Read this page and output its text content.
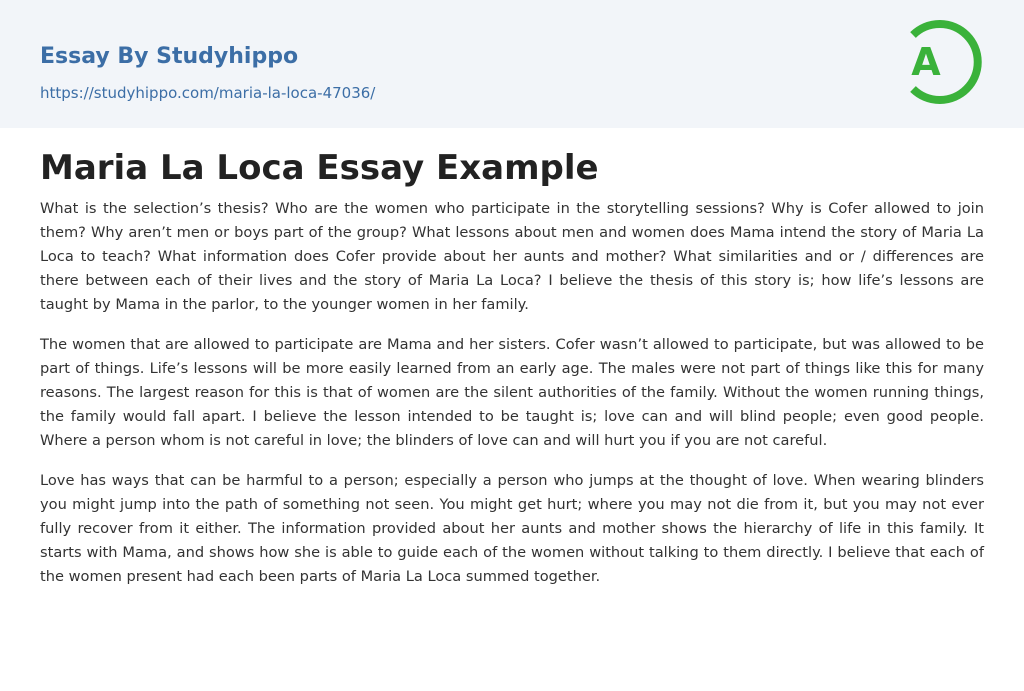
Essay By Studyhippo
https://studyhippo.com/maria-la-loca-47036/
A
Maria La Loca Essay Example

What is the selection’s thesis? Who are the women who participate in the storytelling sessions? Why is Cofer allowed to join them? Why aren’t men or boys part of the group? What lessons about men and women does Mama intend the story of Maria La Loca to teach? What information does Cofer provide about her aunts and mother? What similarities and or / differences are there between each of their lives and the story of Maria La Loca? I believe the thesis of this story is; how life’s lessons are taught by Mama in the parlor, to the younger women in her family.

The women that are allowed to participate are Mama and her sisters. Cofer wasn’t allowed to participate, but was allowed to be part of things. Life’s lessons will be more easily learned from an early age. The males were not part of things like this for many reasons. The largest reason for this is that of women are the silent authorities of the family. Without the women running things, the family would fall apart. I believe the lesson intended to be taught is; love can and will blind people; even good people. Where a person whom is not careful in love; the blinders of love can and will hurt you if you are not careful.

Love has ways that can be harmful to a person; especially a person who jumps at the thought of love. When wearing blinders you might jump into the path of something not seen. You might get hurt; where you may not die from it, but you may not ever fully recover from it either. The information provided about her aunts and mother shows the hierarchy of life in this family. It starts with Mama, and shows how she is able to guide each of the women without talking to them directly. I believe that each of the women present had each been parts of Maria La Loca summed together.
